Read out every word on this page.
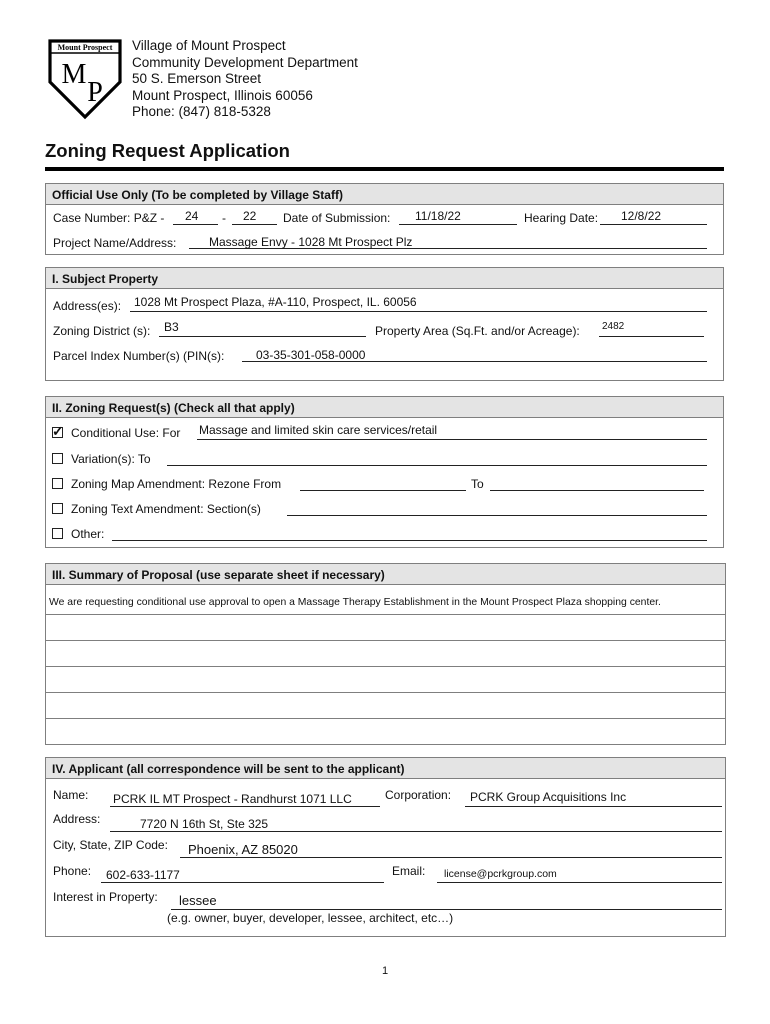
Mount Prospect
M
P
Village of Mount Prospect
Community Development Department
50 S. Emerson Street
Mount Prospect, Illinois 60056
Phone: (847) 818-5328
Zoning Request Application
Official Use Only (To be completed by Village Staff)
Case Number: P&Z - 24 - 22 Date of Submission: 11/18/22	Hearing Date: 12/8/22
Project Name/Address:	Massage Envy - 1028 Mt Prospect Plz
I. Subject Property
Address(es): 1028 Mt Prospect Plaza, #A-110, Prospect, IL. 60056
Zoning District (s): B3	Property Area (Sq.Ft. and/or Acreage): 2482
Parcel Index Number(s) (PIN(s):	03-35-301-058-0000
II. Zoning Request(s) (Check all that apply)
✓ Conditional Use: For Massage and limited skin care services/retail
Variation(s): To
Zoning Map Amendment: Rezone From	To
Zoning Text Amendment: Section(s)
Other:
III. Summary of Proposal (use separate sheet if necessary)
We are requesting conditional use approval to open a Massage Therapy Establishment in the Mount Prospect Plaza shopping center.
IV. Applicant (all correspondence will be sent to the applicant)
Name: PCRK IL MT Prospect - Randhurst 1071 LLC	Corporation: PCRK Group Acquisitions Inc
Address:	7720 N 16th St, Ste 325
City, State, ZIP Code: Phoenix, AZ 85020
Phone: 602-633-1177	Email: license@pcrkgroup.com
Interest in Property: lessee
(e.g. owner, buyer, developer, lessee, architect, etc…)
1
